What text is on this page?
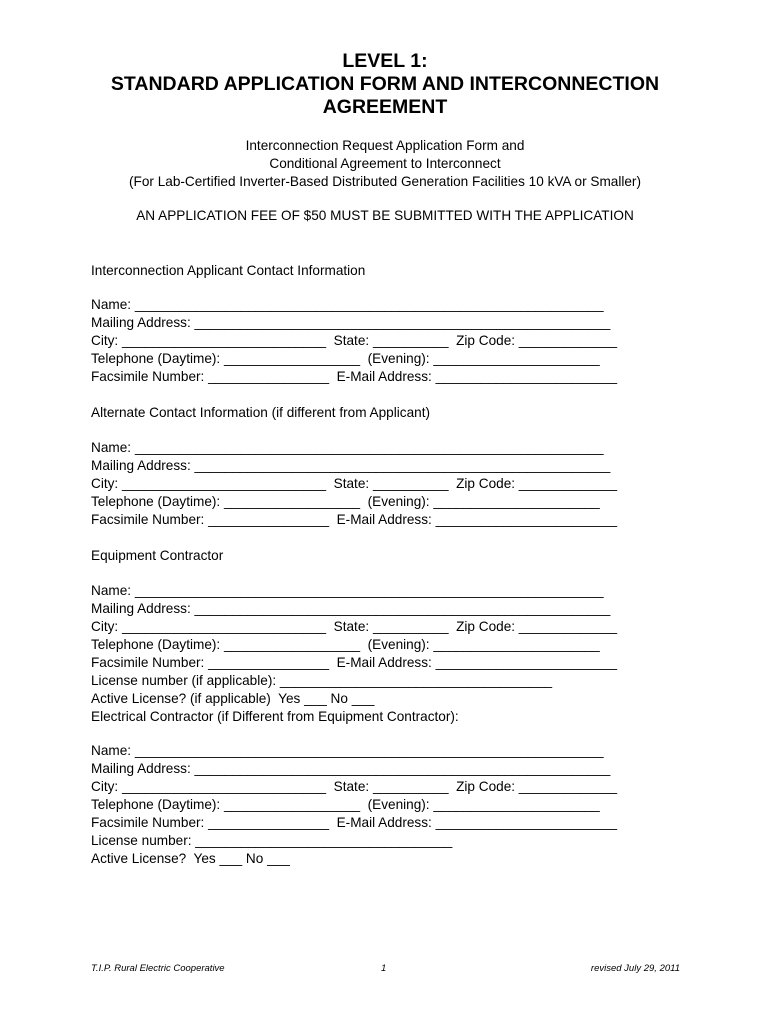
LEVEL 1:
STANDARD APPLICATION FORM AND INTERCONNECTION
AGREEMENT
Interconnection Request Application Form and
Conditional Agreement to Interconnect
(For Lab-Certified Inverter-Based Distributed Generation Facilities 10 kVA or Smaller)
AN APPLICATION FEE OF $50 MUST BE SUBMITTED WITH THE APPLICATION
Interconnection Applicant Contact Information
Name: ______________________________________________________________
Mailing Address: _______________________________________________________
City: ___________________________  State: __________  Zip Code: _____________
Telephone (Daytime): __________________  (Evening): ______________________
Facsimile Number: ________________  E-Mail Address: ________________________
Alternate Contact Information (if different from Applicant)
Name: ______________________________________________________________
Mailing Address: _______________________________________________________
City: ___________________________  State: __________  Zip Code: _____________
Telephone (Daytime): __________________  (Evening): ______________________
Facsimile Number: ________________  E-Mail Address: ________________________
Equipment Contractor
Name: ______________________________________________________________
Mailing Address: _______________________________________________________
City: ___________________________  State: __________  Zip Code: _____________
Telephone (Daytime): __________________  (Evening): ______________________
Facsimile Number: ________________  E-Mail Address: ________________________
License number (if applicable): ____________________________________
Active License? (if applicable)  Yes ___ No ___
Electrical Contractor (if Different from Equipment Contractor):
Name: ______________________________________________________________
Mailing Address: _______________________________________________________
City: ___________________________  State: __________  Zip Code: _____________
Telephone (Daytime): __________________  (Evening): ______________________
Facsimile Number: ________________  E-Mail Address: ________________________
License number: __________________________________
Active License?  Yes ___ No ___
T.I.P. Rural Electric Cooperative	1	revised July 29, 2011
